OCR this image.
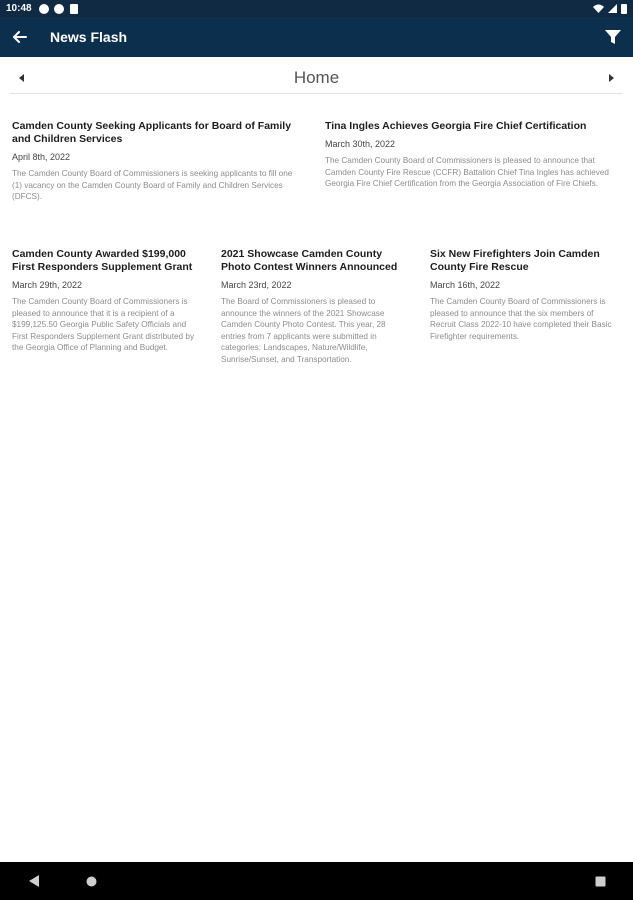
10:48
News Flash
Home
Camden County Seeking Applicants for Board of Family and Children Services
April 8th, 2022
The Camden County Board of Commissioners is seeking applicants to fill one (1) vacancy on the Camden County Board of Family and Children Services (DFCS).
Tina Ingles Achieves Georgia Fire Chief Certification
March 30th, 2022
The Camden County Board of Commissioners is pleased to announce that Camden County Fire Rescue (CCFR) Battalion Chief Tina Ingles has achieved Georgia Fire Chief Certification from the Georgia Association of Fire Chiefs.
Camden County Awarded $199,000 First Responders Supplement Grant
March 29th, 2022
The Camden County Board of Commissioners is pleased to announce that it is a recipient of a $199,125.50 Georgia Public Safety Officials and First Responders Supplement Grant distributed by the Georgia Office of Planning and Budget.
2021 Showcase Camden County Photo Contest Winners Announced
March 23rd, 2022
The Board of Commissioners is pleased to announce the winners of the 2021 Showcase Camden County Photo Contest. This year, 28 entries from 7 applicants were submitted in categories: Landscapes, Nature/Wildlife, Sunrise/Sunset, and Transportation.
Six New Firefighters Join Camden County Fire Rescue
March 16th, 2022
The Camden County Board of Commissioners is pleased to announce that the six members of Recruit Class 2022-10 have completed their Basic Firefighter requirements.
